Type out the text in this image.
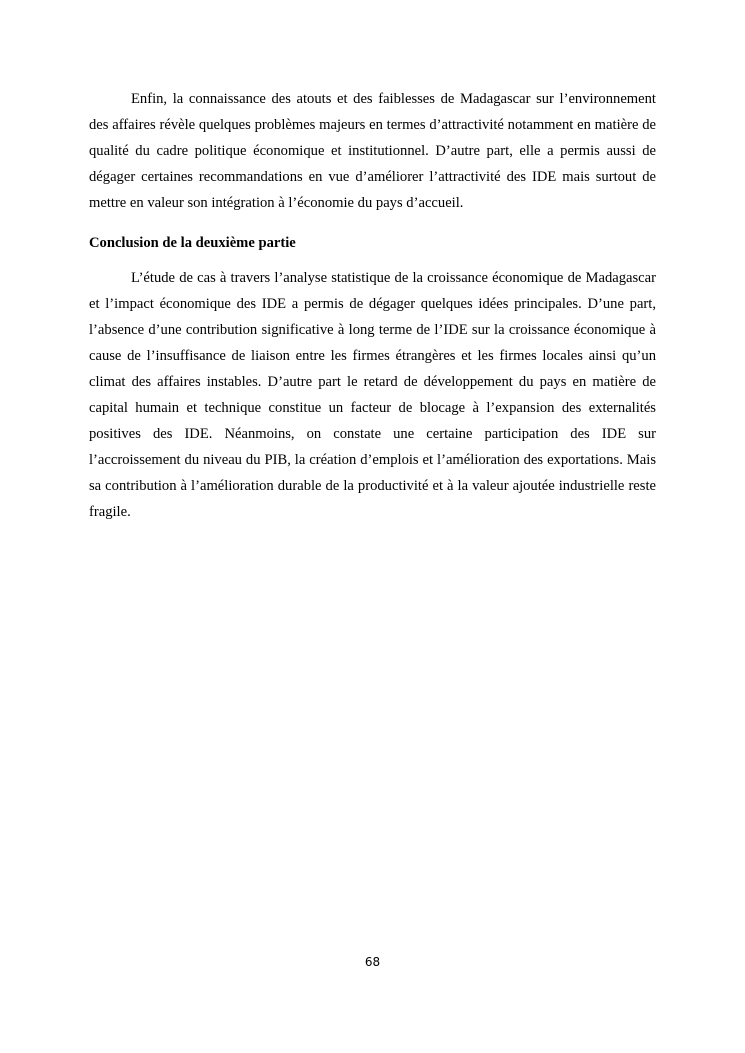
Enfin, la connaissance des atouts et des faiblesses de Madagascar sur l’environnement des affaires révèle quelques problèmes majeurs en termes d’attractivité notamment en matière de qualité du cadre politique économique et institutionnel. D’autre part, elle a permis aussi de dégager certaines recommandations en vue d’améliorer l’attractivité des IDE mais surtout de mettre en valeur son intégration à l’économie du pays d’accueil.

Conclusion de la deuxième partie

L’étude de cas à travers l’analyse statistique de la croissance économique de Madagascar et l’impact économique des IDE a permis de dégager quelques idées principales. D’une part, l’absence d’une contribution significative à long terme de l’IDE sur la croissance économique à cause de l’insuffisance de liaison entre les firmes étrangères et les firmes locales ainsi qu’un climat des affaires instables. D’autre part le retard de développement du pays en matière de capital humain et technique constitue un facteur de blocage à l’expansion des externalités positives des IDE. Néanmoins, on constate une certaine participation des IDE sur l’accroissement du niveau du PIB, la création d’emplois et l’amélioration des exportations. Mais sa contribution à l’amélioration durable de la productivité et à la valeur ajoutée industrielle reste fragile.

68
